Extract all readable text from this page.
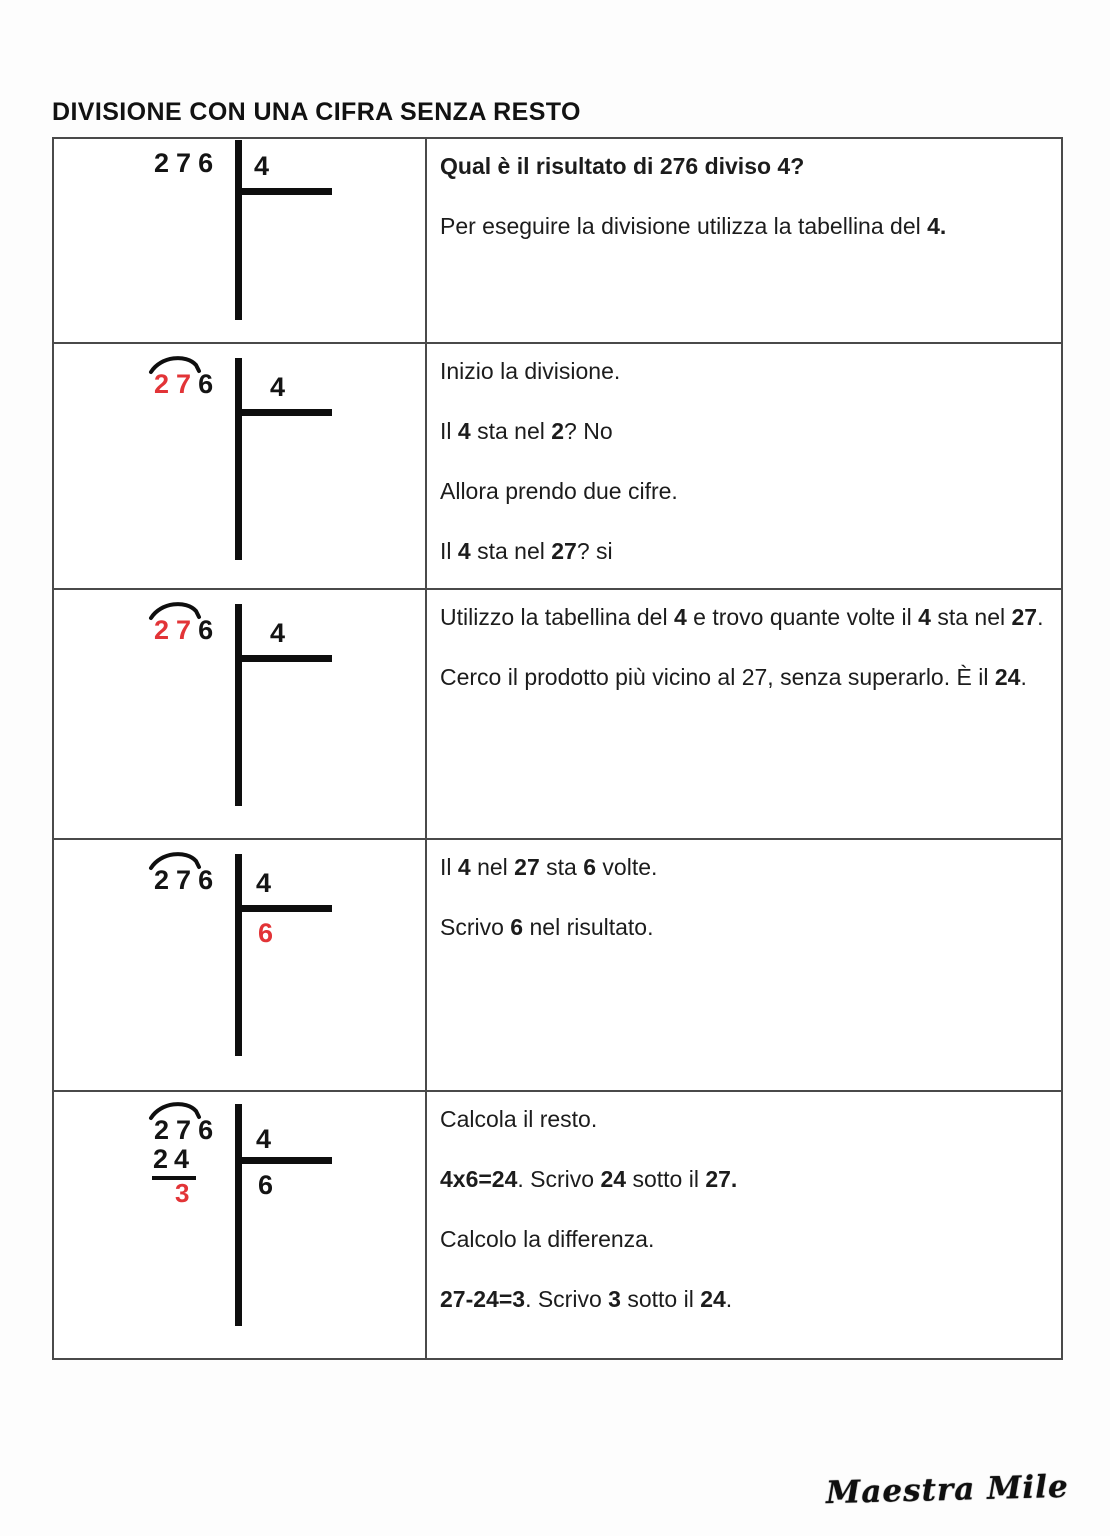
DIVISIONE CON UNA CIFRA SENZA RESTO
276 4	Qual è il risultato di 276 diviso 4?

Per eseguire la divisione utilizza la tabellina del 4.

276 4

Inizio la divisione.

Il 4 sta nel 2? No

Allora prendo due cifre.

Il 4 sta nel 27? si

276 4

Utilizzo la tabellina del 4 e trovo quante volte il 4 sta nel 27.

Cerco il prodotto più vicino al 27, senza superarlo. È il 24.

276 4
6

Il 4 nel 27 sta 6 volte.

Scrivo 6 nel risultato.

276
24
3
4
6

Calcola il resto.

4x6=24. Scrivo 24 sotto il 27.

Calcolo la differenza.

27-24=3. Scrivo 3 sotto il 24.

Maestra Mile
